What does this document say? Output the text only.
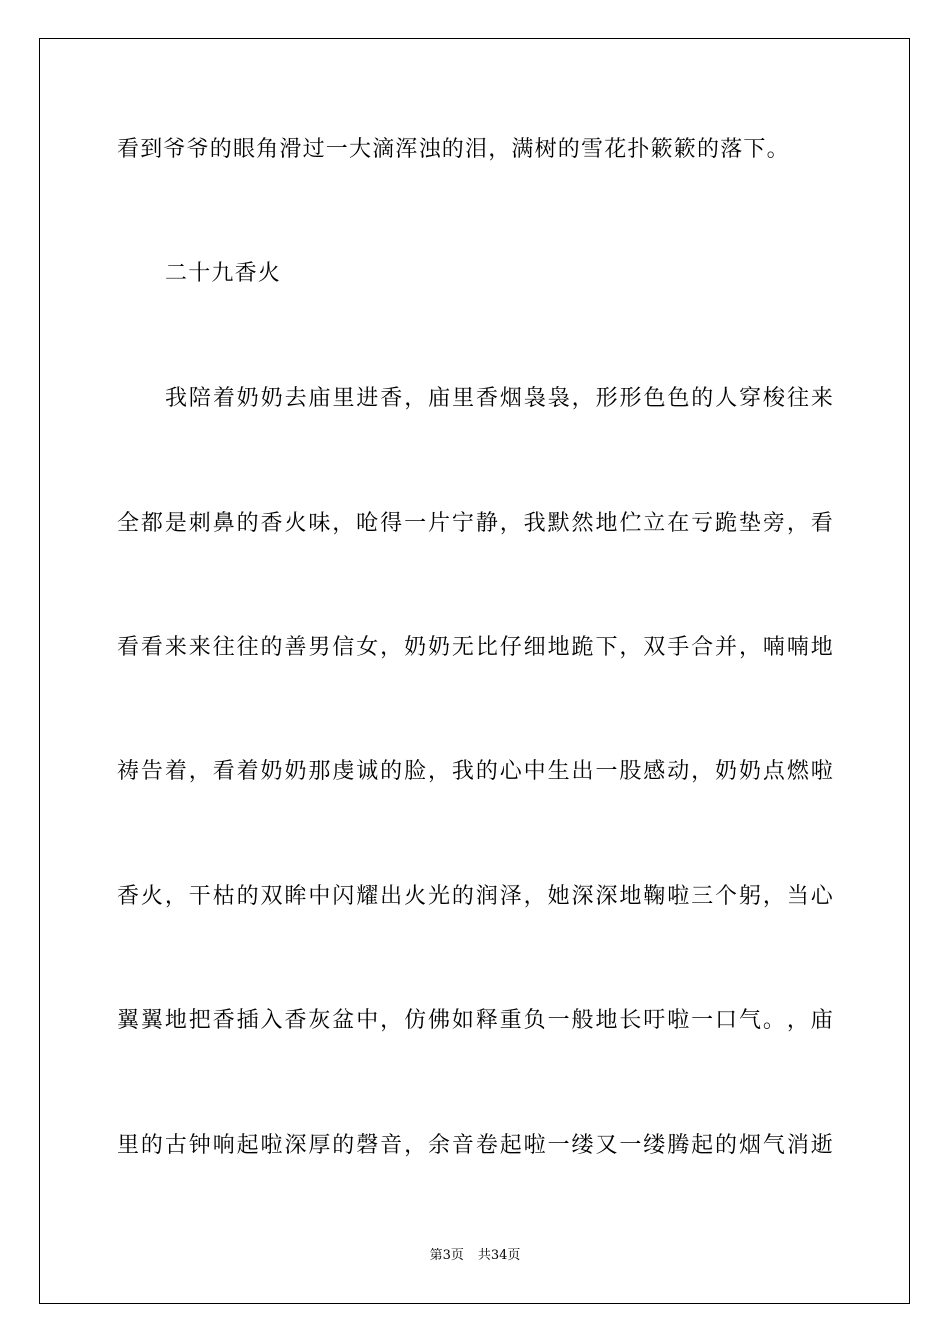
看到爷爷的眼角滑过一大滴浑浊的泪，满树的雪花扑簌簌的落下。
二十九香火
我 陪 着 奶 奶 去 庙 里 进 香 ， 庙 里 香 烟 袅 袅 ， 形 形 色 色 的 人 穿 梭 往 来
全 都 是 刺 鼻 的 香 火 味 ， 呛 得 一 片 宁 静 ， 我 默 然 地 伫 立 在 亏 跪 垫 旁 ， 看
看 看 来 来 往 往 的 善 男 信 女 ， 奶 奶 无 比 仔 细 地 跪 下 ， 双 手 合 并 ， 喃 喃 地
祷 告 着 ， 看 着 奶 奶 那 虔 诚 的 脸 ， 我 的 心 中 生 出 一 股 感 动 ， 奶 奶 点 燃 啦
香 火 ， 干 枯 的 双 眸 中 闪 耀 出 火 光 的 润 泽 ， 她 深 深 地 鞠 啦 三 个 躬 ， 当 心
翼 翼 地 把 香 插 入 香 灰 盆 中 ， 仿 佛 如 释 重 负 一 般 地 长 吁 啦 一 口 气 。 ， 庙
里 的 古 钟 响 起 啦 深 厚 的 磬 音 ， 余 音 卷 起 啦 一 缕 又 一 缕 腾 起 的 烟 气 消 逝
第3页 共34页
